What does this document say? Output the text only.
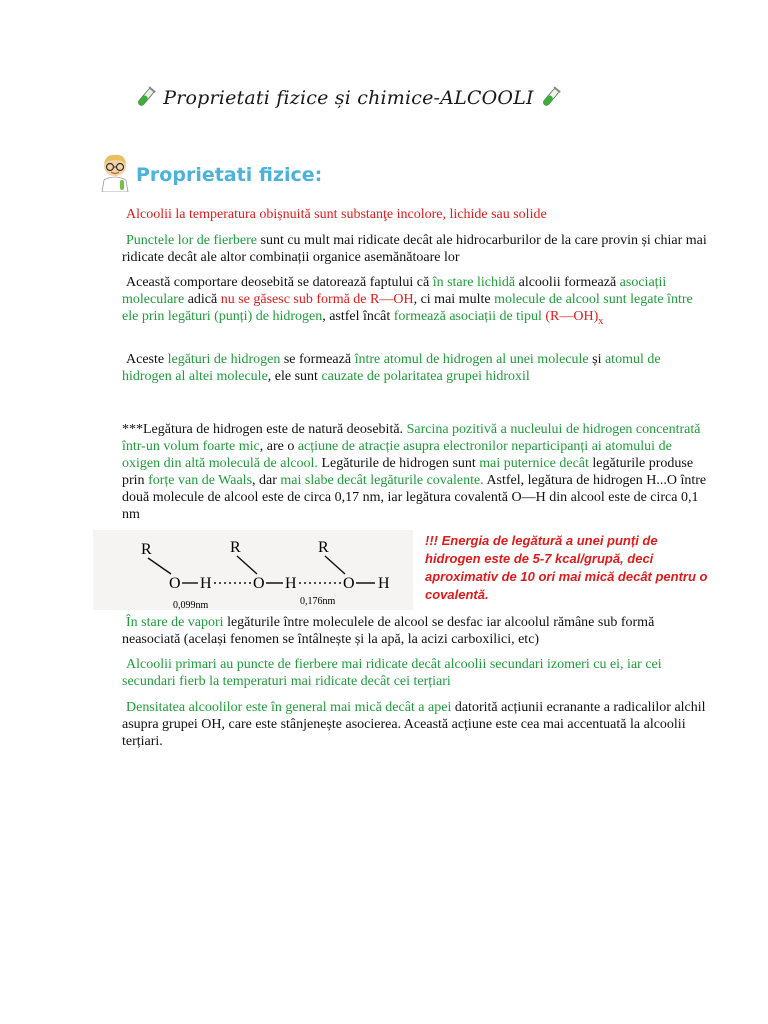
Proprietati fizice și chimice-ALCOOLI
Proprietati fizice:
Alcoolii la temperatura obișnuită sunt substanţe incolore, lichide sau solide
Punctele lor de fierbere sunt cu mult mai ridicate decât ale hidrocarburilor de la care provin și chiar mai ridicate decât ale altor combinații organice asemănătoare lor
Această comportare deosebită se datorează faptului că în stare lichidă alcoolii formează asociații moleculare adică nu se găsesc sub formă de R—OH, ci mai multe molecule de alcool sunt legate între ele prin legături (punți) de hidrogen, astfel încât formează asociații de tipul $(R—OH)_x$
Aceste legături de hidrogen se formează între atomul de hidrogen al unei molecule și atomul de hidrogen al altei molecule, ele sunt cauzate de polaritatea grupei hidroxil
***Legătura de hidrogen este de natură deosebită. Sarcina pozitivă a nucleului de hidrogen concentrată într-un volum foarte mic, are o acțiune de atracție asupra electronilor neparticipanți ai atomului de oxigen din altă moleculă de alcool. Legăturile de hidrogen sunt mai puternice decât legăturile produse prin forțe van de Waals, dar mai slabe decât legăturile covalente. Astfel, legătura de hidrogen H...O între două molecule de alcool este de circa 0,17 nm, iar legătura covalentă O—H din alcool este de circa 0,1 nm
R	R	R
O H	O H	O H
0,099nm	0,176nm
!!! Energia de legătură a unei punți de hidrogen este de 5-7 kcal/grupă, deci aproximativ de 10 ori mai mică decât pentru o covalentă.
În stare de vapori legăturile între moleculele de alcool se desfac iar alcoolul rămâne sub formă neasociată (același fenomen se întâlnește și la apă, la acizi carboxilici, etc)
Alcoolii primari au puncte de fierbere mai ridicate decât alcoolii secundari izomeri cu ei, iar cei secundari fierb la temperaturi mai ridicate decât cei terțiari
Densitatea alcoolilor este în general mai mică decât a apei datorită acțiunii ecranante a radicalilor alchil asupra grupei OH, care este stânjenește asocierea. Această acțiune este cea mai accentuată la alcoolii terțiari.
